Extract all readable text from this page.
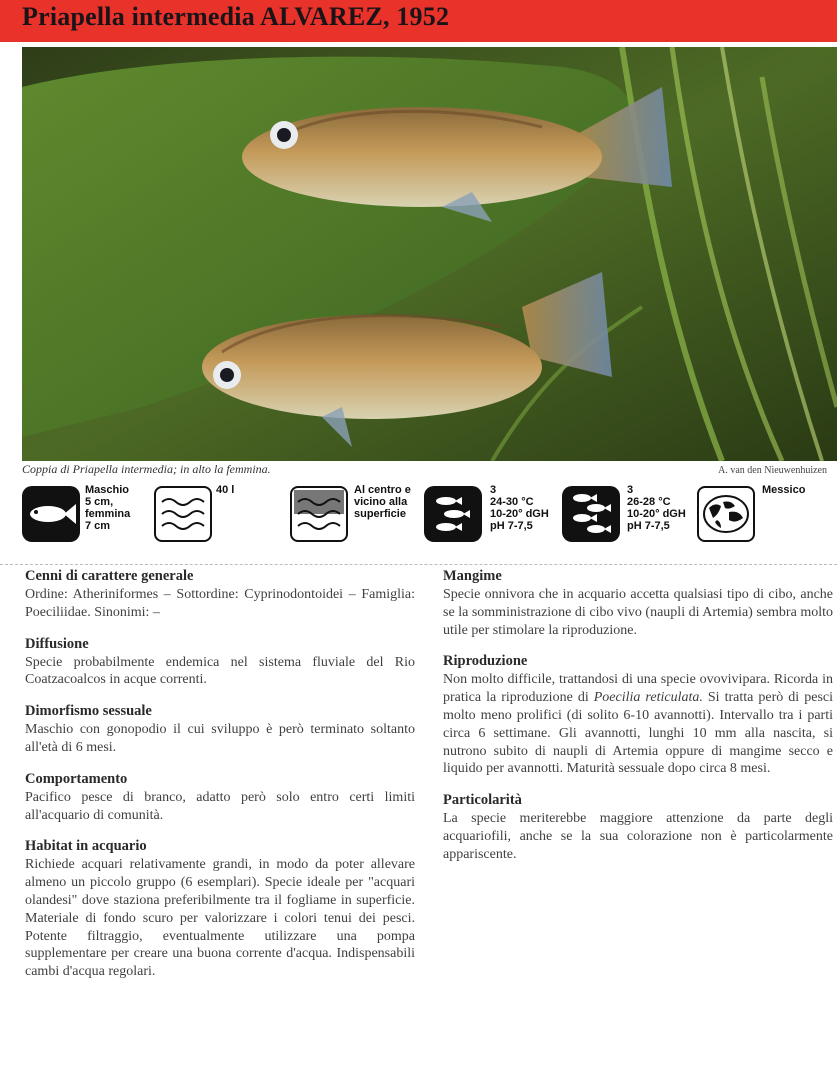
Priapella intermedia ALVAREZ, 1952
Coppia di Priapella intermedia; in alto la femmina.	A. van den Nieuwenhuizen
Maschio
5 cm,
femmina
7 cm
40 l	Al centro e
vicino alla
superficie
3
24-30 °C
10-20° dGH
pH 7-7,5
3
26-28 °C
10-20° dGH
pH 7-7,5
Messico
Cenni di carattere generale

Ordine: Atheriniformes – Sottordine: Cyprinodontoidei – Famiglia: Poeciliidae. Sinonimi: –

Diffusione

Specie probabilmente endemica nel sistema fluviale del Rio Coatzacoalcos in acque correnti.

Dimorfismo sessuale

Maschio con gonopodio il cui sviluppo è però terminato soltanto all'età di 6 mesi.

Comportamento

Pacifico pesce di branco, adatto però solo entro certi limiti all'acquario di comunità.

Habitat in acquario

Richiede acquari relativamente grandi, in modo da poter allevare almeno un piccolo gruppo (6 esemplari). Specie ideale per "acquari olandesi" dove staziona preferibilmente tra il fogliame in superficie. Materiale di fondo scuro per valorizzare i colori tenui dei pesci. Potente filtraggio, eventualmente utilizzare una pompa supplementare per creare una buona corrente d'acqua. Indispensabili cambi d'acqua regolari.

Mangime

Specie onnivora che in acquario accetta qualsiasi tipo di cibo, anche se la somministrazione di cibo vivo (naupli di Artemia) sembra molto utile per stimolare la riproduzione.

Riproduzione

Non molto difficile, trattandosi di una specie ovovivipara. Ricorda in pratica la riproduzione di Poecilia reticulata. Si tratta però di pesci molto meno prolifici (di solito 6-10 avannotti). Intervallo tra i parti circa 6 settimane. Gli avannotti, lunghi 10 mm alla nascita, si nutrono subito di naupli di Artemia oppure di mangime secco e liquido per avannotti. Maturità sessuale dopo circa 8 mesi.

Particolarità

La specie meriterebbe maggiore attenzione da parte degli acquariofili, anche se la sua colorazione non è particolarmente appariscente.
